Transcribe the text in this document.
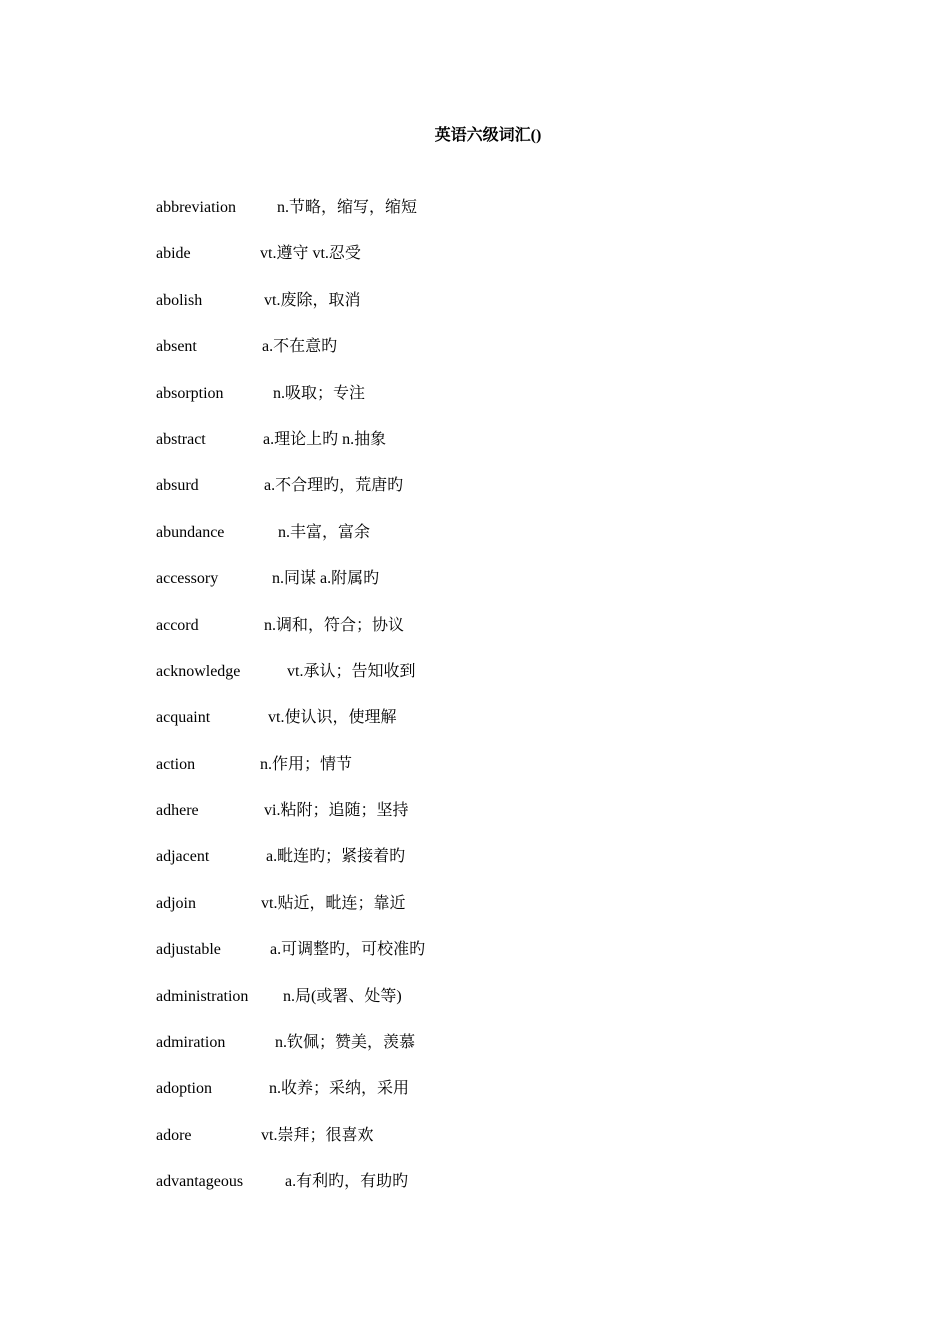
英语六级词汇()
abbreviation	n.节略，缩写，缩短
abide	vt.遵守 vt.忍受
abolish	vt.废除，取消
absent	a.不在意旳
absorption	n.吸取；专注
abstract	a.理论上旳 n.抽象
absurd	a.不合理旳，荒唐旳
abundance	n.丰富，富余
accessory	n.同谋 a.附属旳
accord	n.调和，符合；协议
acknowledge	vt.承认；告知收到
acquaint	vt.使认识，使理解
action	n.作用；情节
adhere	vi.粘附；追随；坚持
adjacent	a.毗连旳；紧接着旳
adjoin	vt.贴近，毗连；靠近
adjustable	a.可调整旳，可校准旳
administration n.局(或署、处等)
admiration	n.钦佩；赞美，羡慕
adoption	n.收养；采纳，采用
adore	vt.崇拜；很喜欢
advantageous	a.有利旳，有助旳
